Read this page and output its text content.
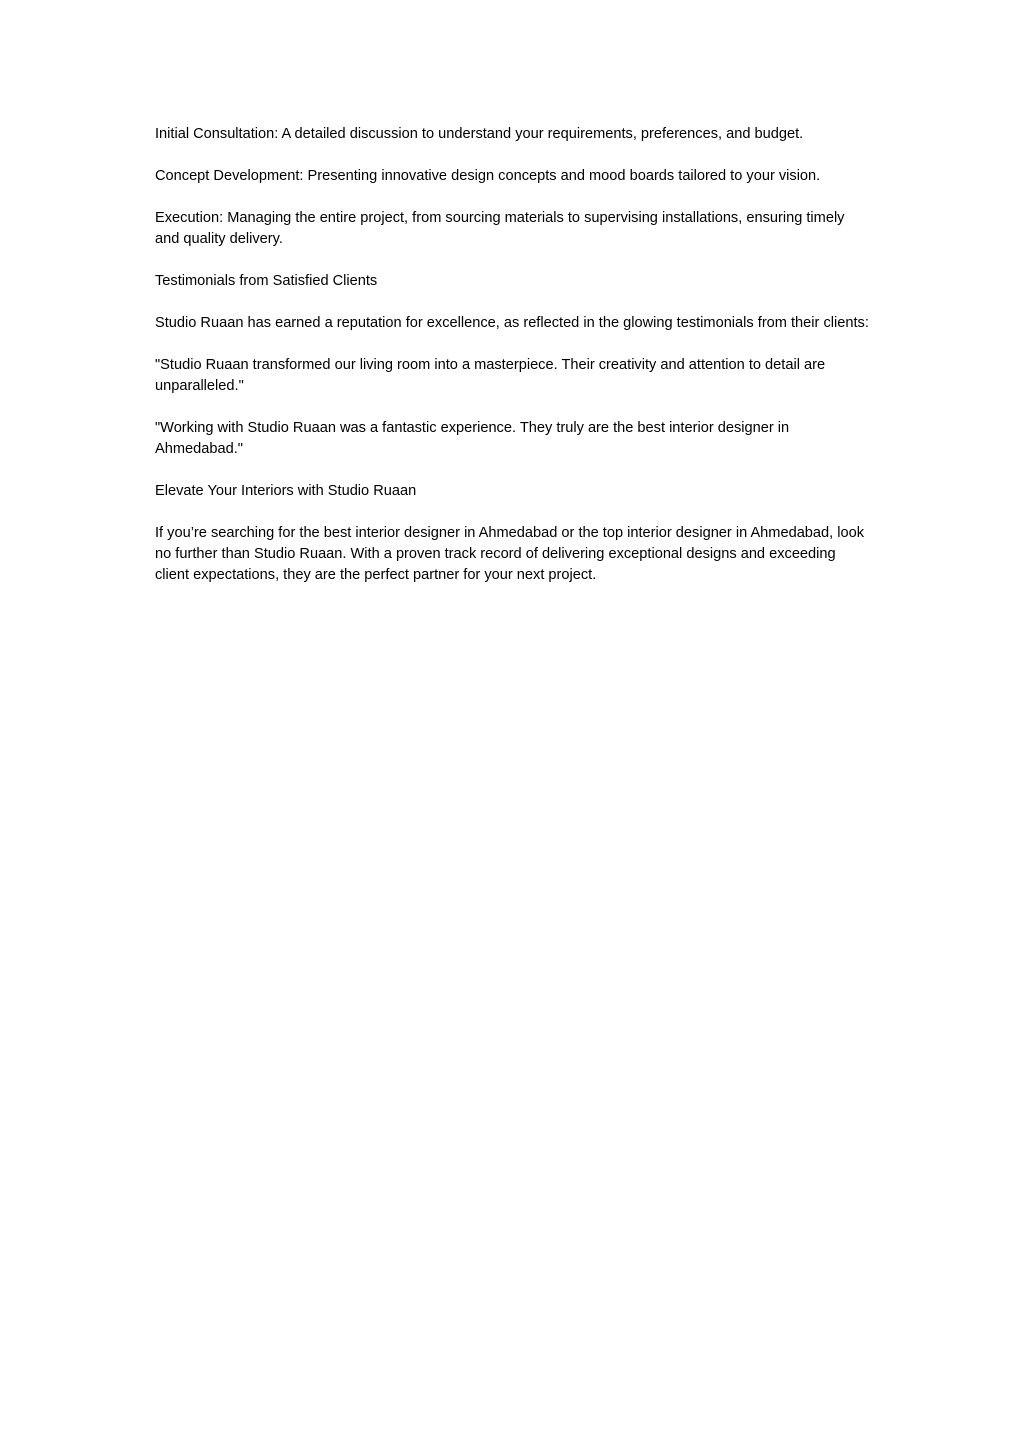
Initial Consultation: A detailed discussion to understand your requirements, preferences, and budget.

Concept Development: Presenting innovative design concepts and mood boards tailored to your vision.

Execution: Managing the entire project, from sourcing materials to supervising installations, ensuring timely and quality delivery.

Testimonials from Satisfied Clients

Studio Ruaan has earned a reputation for excellence, as reflected in the glowing testimonials from their clients:

"Studio Ruaan transformed our living room into a masterpiece. Their creativity and attention to detail are unparalleled."

"Working with Studio Ruaan was a fantastic experience. They truly are the best interior designer in Ahmedabad."

Elevate Your Interiors with Studio Ruaan

If you’re searching for the best interior designer in Ahmedabad or the top interior designer in Ahmedabad, look no further than Studio Ruaan. With a proven track record of delivering exceptional designs and exceeding client expectations, they are the perfect partner for your next project.
